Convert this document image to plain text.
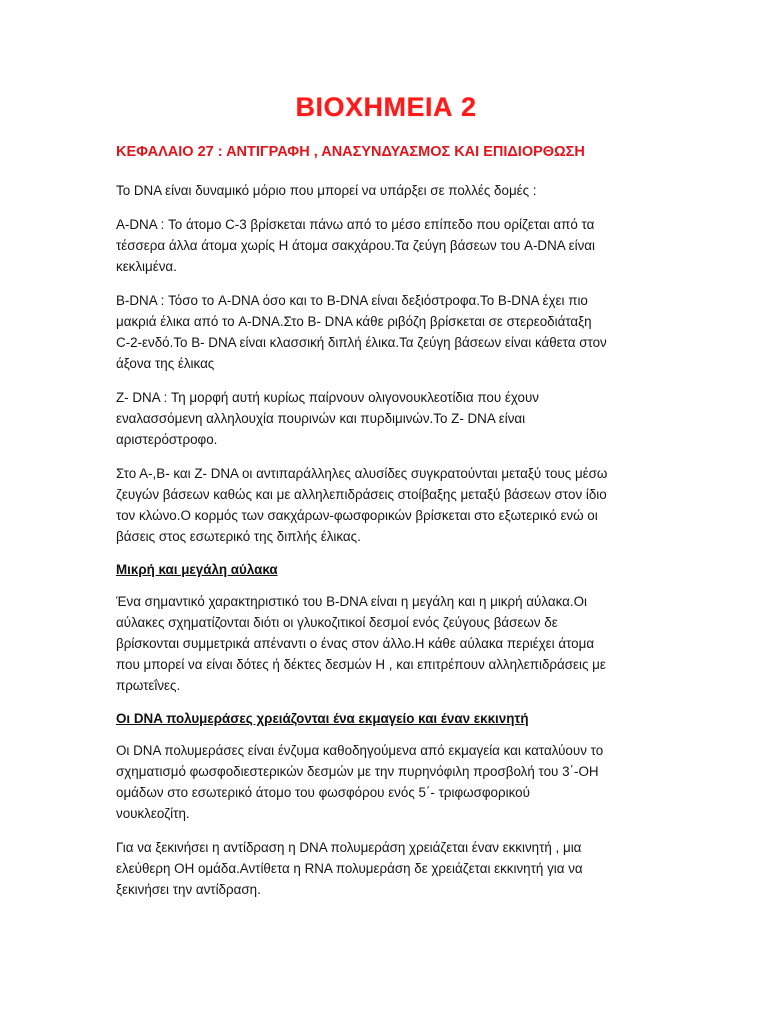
ΒΙΟΧΗΜΕΙΑ 2
ΚΕΦΑΛΑΙΟ 27 : ΑΝΤΙΓΡΑΦΗ , ΑΝΑΣΥΝΔΥΑΣΜΟΣ ΚΑΙ ΕΠΙΔΙΟΡΘΩΣΗ

Το DNA είναι δυναμικό μόριο που μπορεί να υπάρξει σε πολλές δομές :

A-DNA : Το άτομο C-3 βρίσκεται πάνω από το μέσο επίπεδο που ορίζεται από τα
τέσσερα άλλα άτομα χωρίς Η άτομα σακχάρου.Τα ζεύγη βάσεων του A-DNA είναι
κεκλιμένα.

B-DNA : Τόσο το A-DNA όσο και το B-DNA είναι δεξιόστροφα.Το B-DNA έχει πιο
μακριά έλικα από το A-DNA.Στο Β- DNA κάθε ριβόζη βρίσκεται σε στερεοδιάταξη
C-2-ενδό.Το Β- DNA είναι κλασσική διπλή έλικα.Τα ζεύγη βάσεων είναι κάθετα στον
άξονα της έλικας

Z- DNA : Τη μορφή αυτή κυρίως παίρνουν ολιγονουκλεοτίδια που έχουν
εναλασσόμενη αλληλουχία πουρινών και πυρδιμινών.Το Ζ- DNA είναι
αριστερόστροφο.

Στο Α-,Β- και Ζ- DNA οι αντιπαράλληλες αλυσίδες συγκρατούνται μεταξύ τους μέσω
ζευγών βάσεων καθώς και με αλληλεπιδράσεις στοίβαξης μεταξύ βάσεων στον ίδιο
τον κλώνο.Ο κορμός των σακχάρων-φωσφορικών βρίσκεται στο εξωτερικό ενώ οι
βάσεις στος εσωτερικό της διπλής έλικας.

Μικρή και μεγάλη αύλακα

Ένα σημαντικό χαρακτηριστικό του B-DNA είναι η μεγάλη και η μικρή αύλακα.Οι
αύλακες σχηματίζονται διότι οι γλυκοζιτικοί δεσμοί ενός ζεύγους βάσεων δε
βρίσκονται συμμετρικά απέναντι ο ένας στον άλλο.Η κάθε αύλακα περιέχει άτομα
που μπορεί να είναι δότες ή δέκτες δεσμών Η , και επιτρέπουν αλληλεπιδράσεις με
πρωτεΐνες.

Οι DNA πολυμεράσες χρειάζονται ένα εκμαγείο και έναν εκκινητή

Οι DNA πολυμεράσες είναι ένζυμα καθοδηγούμενα από εκμαγεία και καταλύουν το
σχηματισμό φωσφοδιεστερικών δεσμών με την πυρηνόφιλη προσβολή του 3΄-ΟΗ
ομάδων στο εσωτερικό άτομο του φωσφόρου ενός 5΄- τριφωσφορικού
νουκλεοζίτη.

Για να ξεκινήσει η αντίδραση η DNA πολυμεράση χρειάζεται έναν εκκινητή , μια
ελεύθερη ΟΗ ομάδα.Αντίθετα η RNA πολυμεράση δε χρειάζεται εκκινητή για να
ξεκινήσει την αντίδραση.
